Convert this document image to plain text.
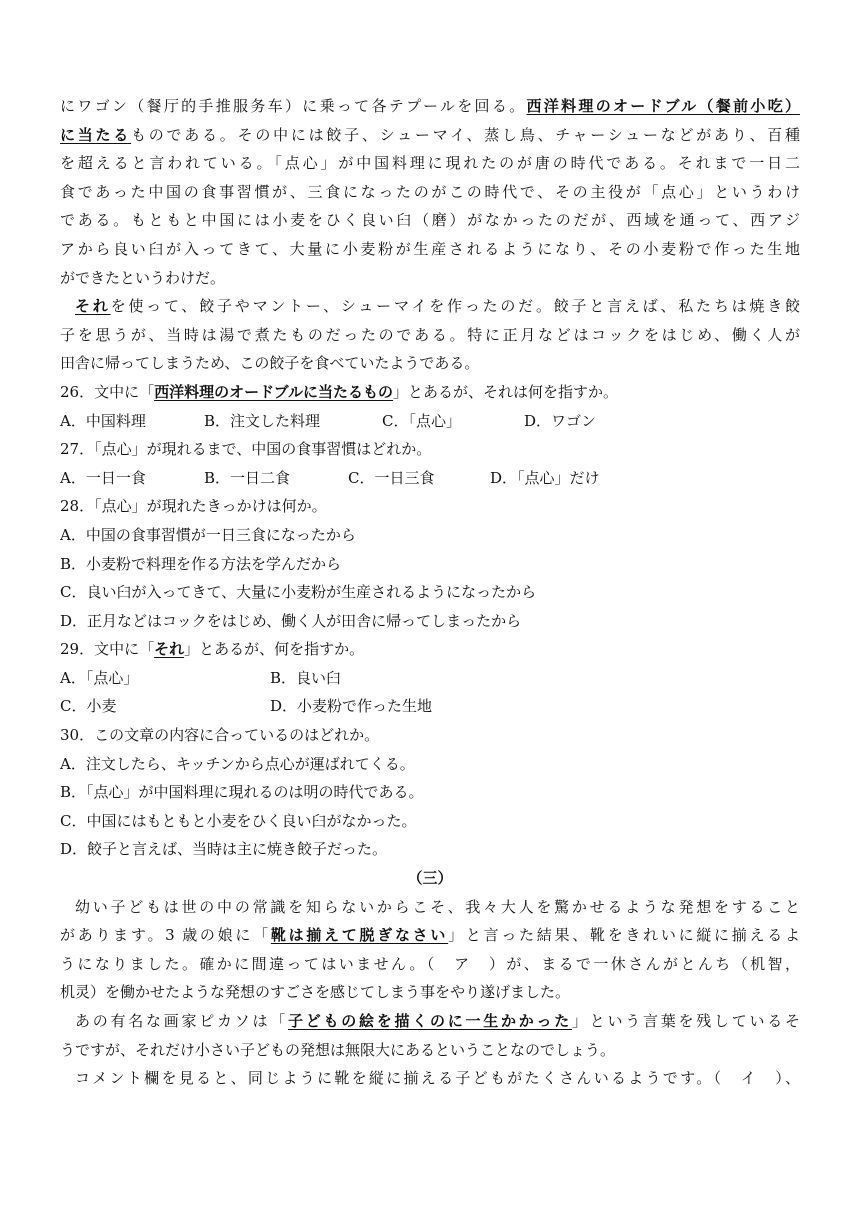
にワゴン（餐厅的手推服务车）に乗って各テプールを回る。西洋料理のオードブル（餐前小吃）
に当たるものである。その中には餃子、シューマイ、蒸し鳥、チャーシューなどがあり、百種
を超えると言われている。「点心」が中国料理に現れたのが唐の時代である。それまで一日二
食であった中国の食事習慣が、三食になったのがこの時代で、その主役が「点心」というわけ
である。もともと中国には小麦をひく良い臼（磨）がなかったのだが、西域を通って、西アジ
アから良い臼が入ってきて、大量に小麦粉が生産されるようになり、その小麦粉で作った生地
ができたというわけだ。
それを使って、餃子やマントー、シューマイを作ったのだ。餃子と言えば、私たちは焼き餃
子を思うが、当時は湯で煮たものだったのである。特に正月などはコックをはじめ、働く人が
田舎に帰ってしまうため、この餃子を食べていたようである。
26．文中に「西洋料理のオードブルに当たるもの」とあるが、それは何を指すか。
A．中国料理	B．注文した料理	C．「点心」	D．ワゴン
27．「点心」が現れるまで、中国の食事習慣はどれか。
A．一日一食	B．一日二食	C．一日三食	D．「点心」だけ
28．「点心」が現れたきっかけは何か。
A．中国の食事習慣が一日三食になったから
B．小麦粉で料理を作る方法を学んだから
C．良い臼が入ってきて、大量に小麦粉が生産されるようになったから
D．正月などはコックをはじめ、働く人が田舎に帰ってしまったから
29．文中に「それ」とあるが、何を指すか。
A．「点心」	B．良い臼
C．小麦	D．小麦粉で作った生地
30．この文章の内容に合っているのはどれか。
A．注文したら、キッチンから点心が運ばれてくる。
B．「点心」が中国料理に現れるのは明の時代である。
C．中国にはもともと小麦をひく良い臼がなかった。
D．餃子と言えば、当時は主に焼き餃子だった。
（三）
幼い子どもは世の中の常識を知らないからこそ、我々大人を驚かせるような発想をすること
があります。3 歳の娘に「靴は揃えて脱ぎなさい」と言った結果、靴をきれいに縦に揃えるよ
うになりました。確かに間違ってはいません。（　ア　）が、まるで一休さんがとんち（机智，
机灵）を働かせたような発想のすごさを感じてしまう事をやり遂げました。
あの有名な画家ピカソは「子どもの絵を描くのに一生かかった」という言葉を残しているそ
うですが、それだけ小さい子どもの発想は無限大にあるということなのでしょう。
コメント欄を見ると、同じように靴を縦に揃える子どもがたくさんいるようです。（　イ　）、
